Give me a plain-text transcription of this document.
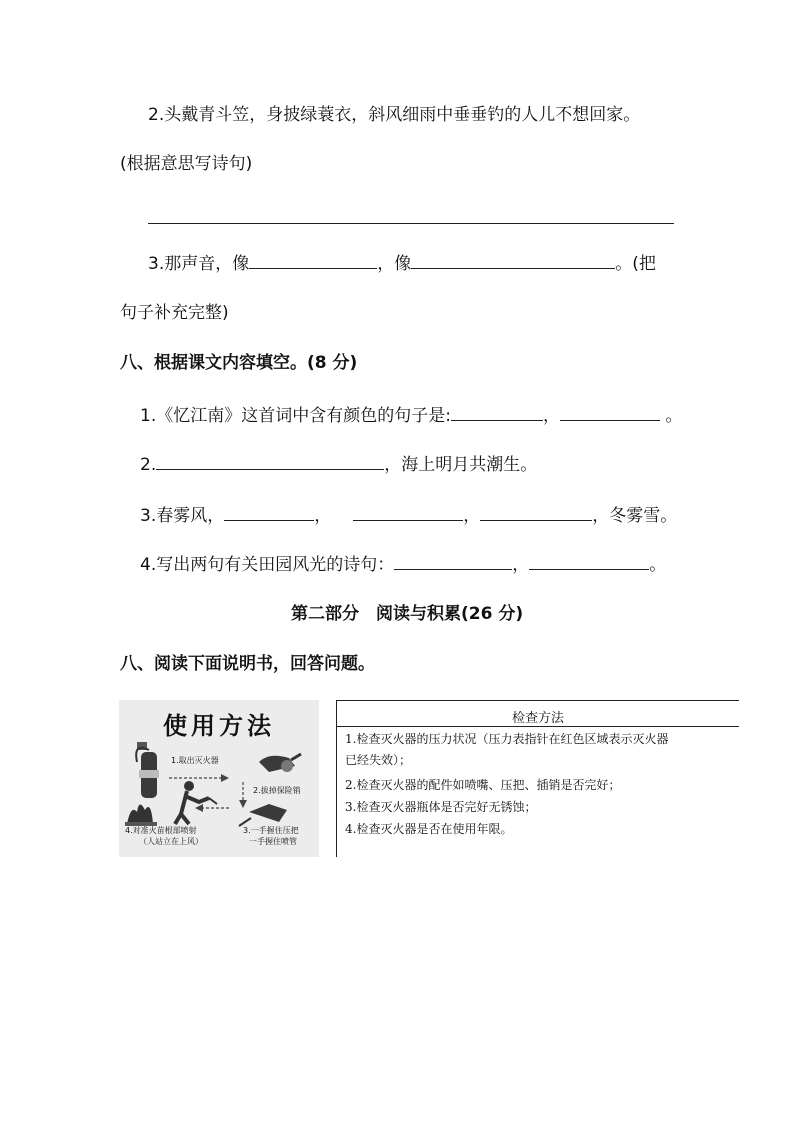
2.头戴青斗笠，身披绿蓑衣，斜风细雨中垂垂钓的人儿不想回家。
(根据意思写诗句)
3.那声音，像	，像	。(把
句子补充完整)
八、根据课文内容填空。(8 分)
1.《忆江南》这首词中含有颜色的句子是:	，	。
2.	，海上明月共潮生。
3.春雾风，	，	，	，冬雾雪。
4.写出两句有关田园风光的诗句：	，	。
第二部分　阅读与积累(26 分)
八、阅读下面说明书，回答问题。
使用方法
1.取出灭火器
2.拔掉保险销
3.一手握住压把
一手握住喷管
4.对准火苗根部喷射
（人站立在上风）
检查方法
1.检查灭火器的压力状况（压力表指针在红色区域表示灭火器
已经失效）；
2.检查灭火器的配件如喷嘴、压把、插销是否完好；
3.检查灭火器瓶体是否完好无锈蚀；
4.检查灭火器是否在使用年限。
